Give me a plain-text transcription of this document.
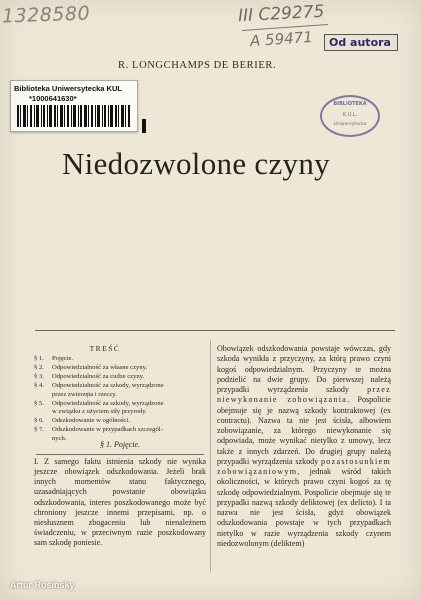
1328580	III C29275
A 59471	Od autora
Biblioteka Uniwersytecka KUL
*1000641630*
BIBLIOTEKA
K.U.L.
Uniwersytecka
R. LONGCHAMPS DE BERIER.
Niedozwolone czyny
TREŚĆ
§ 1. Pojęcie.
§ 2. Odpowiedzialność za własne czyny.
§ 3. Odpowiedzialność za cudze czyny.
§ 4. Odpowiedzialność za szkody, wyrządzone
przez zwierzęta i rzeczy.
§ 5. Odpowiedzialność za szkody, wyrządzone
w związku z użyciem siły przyrody.
§ 6. Odszkodowanie w ogólności.
§ 7. Odszkodowanie w przypadkach szczegól-
nych.
§ 1. Pojęcie.

I. Z samego faktu istnienia szkody nie wynika jeszcze obowiązek odszkodowania. Jeżeli brak innych momentów stanu faktycznego, uzasadniających powstanie obowiązku odszkodowania, interes poszkodowanego może być chroniony jeszcze innemi przepisami, np. o niesłusznem zbogaceniu lub nienależnem świadczeniu, w przeciwnym razie poszkodowany sam szkodę poniesie.

Obowiązek odszkodowania powstaje wówczas, gdy szkoda wynikła z przyczyny, za którą prawo czyni kogoś odpowiedzialnym. Przyczyny te można podzielić na dwie grupy. Do pierwszej należą przypadki wyrządzenia szkody przez niewykonanie zobowiązania. Pospolicie obejmuje się je nazwą szkody kontraktowej (ex contractu). Nazwa ta nie jest ścisła, albowiem zobowiązanie, za którego niewykonanie się odpowiada, może wynikać nietylko z umowy, lecz także z innych zdarzeń. Do drugiej grupy należą przypadki wyrządzenia szkody pozastosunkiem zobowiązaniowym, jednak wśród takich okoliczności, w których prawo czyni kogoś za tę szkodę odpowiedzialnym. Pospolicie obejmuje się te przypadki nazwą szkody deliktowej (ex delicto). I ta nazwa nie jest ścisła, gdyż obowiązek odszkodowania powstaje w tych przypadkach nietylko w razie wyrządzenia szkody czynem niedozwolonym (deliktem)

Artur Rosinsky
